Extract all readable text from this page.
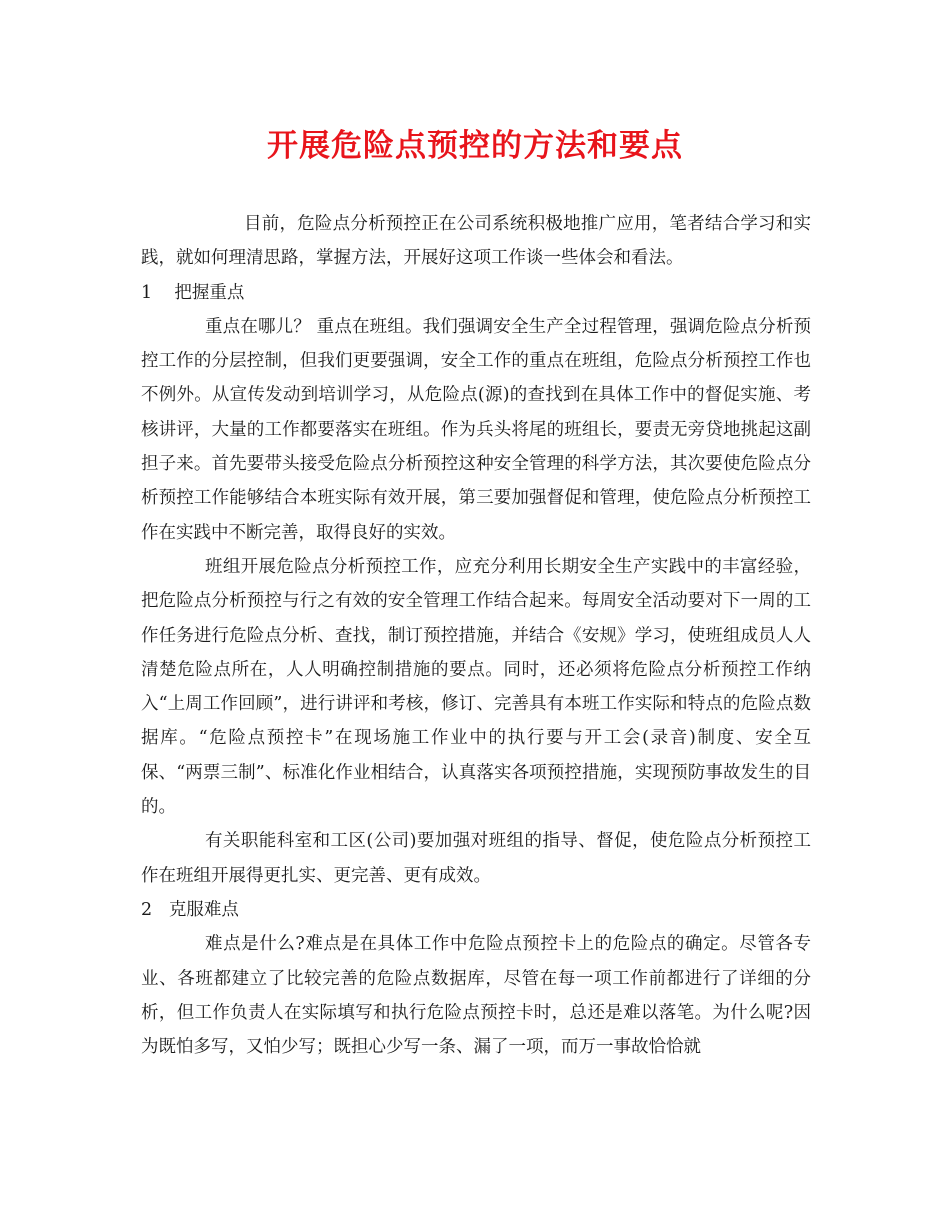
开展危险点预控的方法和要点

目前，危险点分析预控正在公司系统积极地推广应用，笔者结合学习和实践，就如何理清思路，掌握方法，开展好这项工作谈一些体会和看法。

1    把握重点

重点在哪儿？ 重点在班组。我们强调安全生产全过程管理，强调危险点分析预控工作的分层控制，但我们更要强调，安全工作的重点在班组，危险点分析预控工作也不例外。从宣传发动到培训学习，从危险点(源)的查找到在具体工作中的督促实施、考核讲评，大量的工作都要落实在班组。作为兵头将尾的班组长，要责无旁贷地挑起这副担子来。首先要带头接受危险点分析预控这种安全管理的科学方法，其次要使危险点分析预控工作能够结合本班实际有效开展，第三要加强督促和管理，使危险点分析预控工作在实践中不断完善，取得良好的实效。

班组开展危险点分析预控工作，应充分利用长期安全生产实践中的丰富经验，把危险点分析预控与行之有效的安全管理工作结合起来。每周安全活动要对下一周的工作任务进行危险点分析、查找，制订预控措施，并结合《安规》学习，使班组成员人人清楚危险点所在，人人明确控制措施的要点。同时，还必须将危险点分析预控工作纳入“上周工作回顾”，进行讲评和考核，修订、完善具有本班工作实际和特点的危险点数据库。“危险点预控卡”在现场施工作业中的执行要与开工会(录音)制度、安全互保、“两票三制”、标准化作业相结合，认真落实各项预控措施，实现预防事故发生的目的。

有关职能科室和工区(公司)要加强对班组的指导、督促，使危险点分析预控工作在班组开展得更扎实、更完善、更有成效。

2   克服难点

难点是什么?难点是在具体工作中危险点预控卡上的危险点的确定。尽管各专业、各班都建立了比较完善的危险点数据库，尽管在每一项工作前都进行了详细的分析，但工作负责人在实际填写和执行危险点预控卡时，总还是难以落笔。为什么呢?因为既怕多写，又怕少写；既担心少写一条、漏了一项，而万一事故恰恰就
